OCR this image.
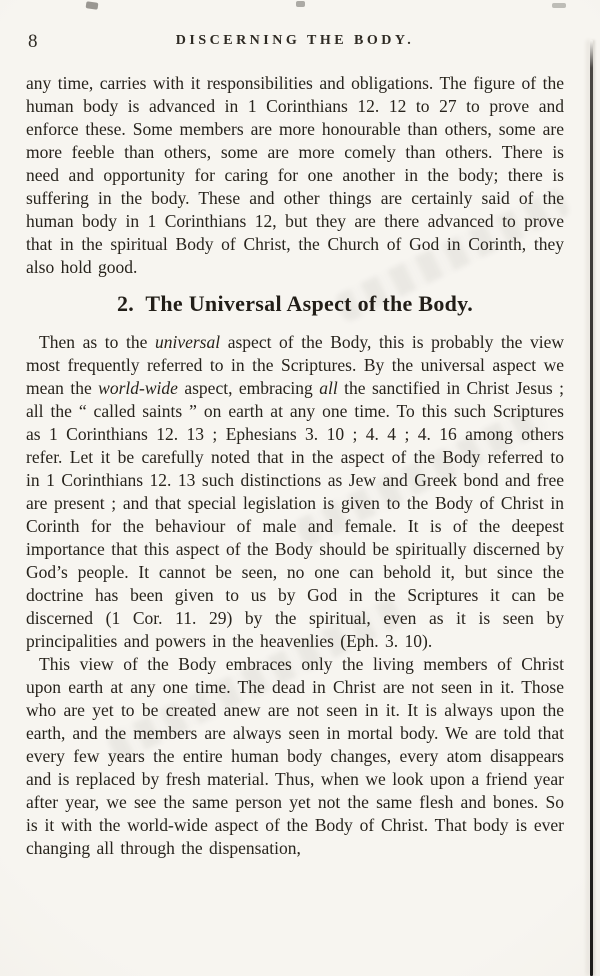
8	DISCERNING THE BODY.

any time, carries with it responsibilities and obligations. The figure of the human body is advanced in 1 Corinthians 12. 12 to 27 to prove and enforce these. Some members are more honourable than others, some are more feeble than others, some are more comely than others. There is need and opportunity for caring for one another in the body; there is suffering in the body. These and other things are certainly said of the human body in 1 Corinthians 12, but they are there advanced to prove that in the spiritual Body of Christ, the Church of God in Corinth, they also hold good.

2. The Universal Aspect of the Body.

Then as to the universal aspect of the Body, this is probably the view most frequently referred to in the Scriptures. By the universal aspect we mean the world-wide aspect, embracing all the sanctified in Christ Jesus ; all the “ called saints ” on earth at any one time. To this such Scriptures as 1 Corinthians 12. 13 ; Ephesians 3. 10 ; 4. 4 ; 4. 16 among others refer. Let it be carefully noted that in the aspect of the Body referred to in 1 Corinthians 12. 13 such distinctions as Jew and Greek bond and free are present ; and that special legislation is given to the Body of Christ in Corinth for the behaviour of male and female. It is of the deepest importance that this aspect of the Body should be spiritually discerned by God’s people. It cannot be seen, no one can behold it, but since the doctrine has been given to us by God in the Scriptures it can be discerned (1 Cor. 11. 29) by the spiritual, even as it is seen by principalities and powers in the heavenlies (Eph. 3. 10).

This view of the Body embraces only the living members of Christ upon earth at any one time. The dead in Christ are not seen in it. Those who are yet to be created anew are not seen in it. It is always upon the earth, and the members are always seen in mortal body. We are told that every few years the entire human body changes, every atom disappears and is replaced by fresh material. Thus, when we look upon a friend year after year, we see the same person yet not the same flesh and bones. So is it with the world-wide aspect of the Body of Christ. That body is ever changing all through the dispensation,
